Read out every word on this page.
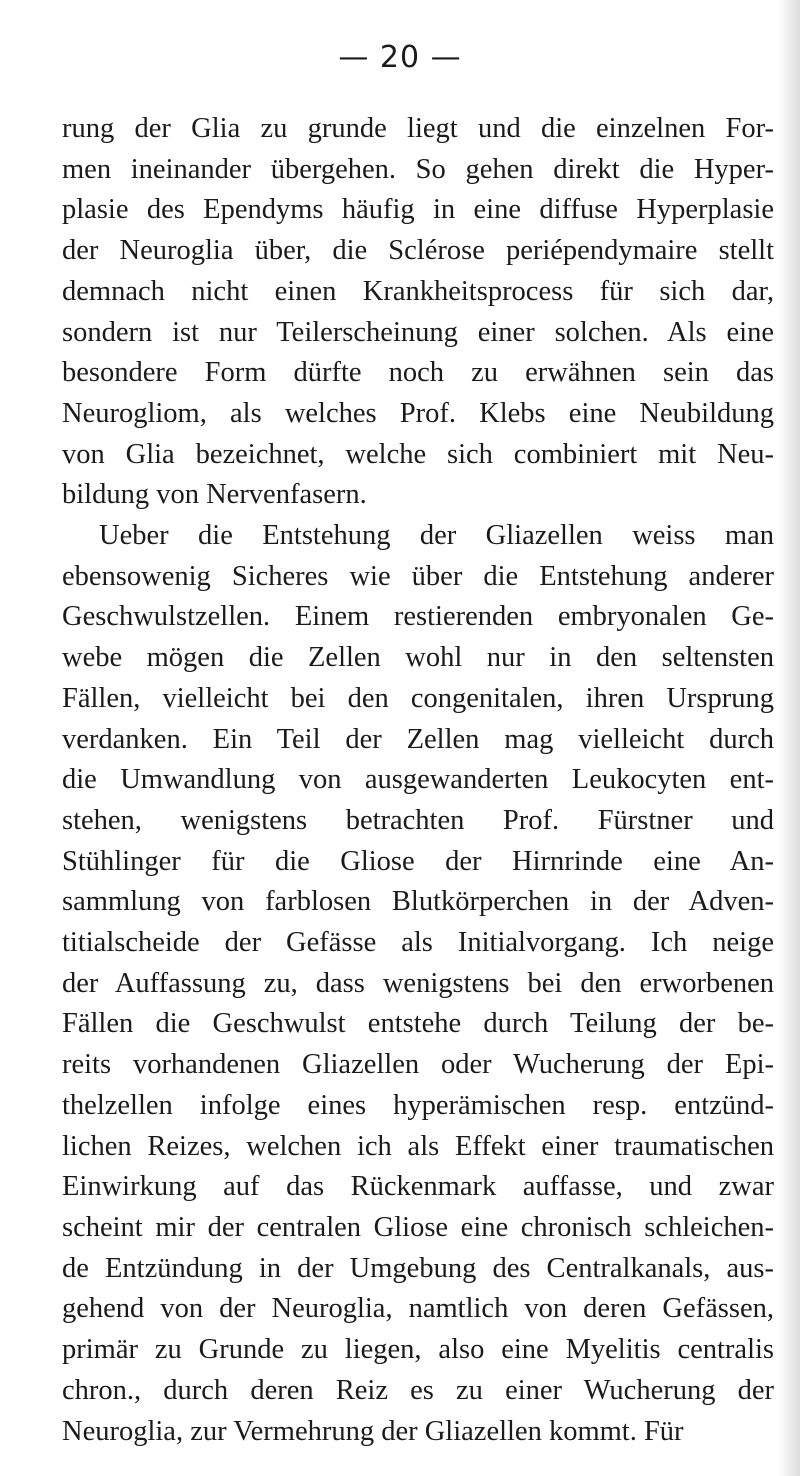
— 20 —
rung der Glia zu grunde liegt und die einzelnen For-
men ineinander übergehen. So gehen direkt die Hyper-
plasie des Ependyms häufig in eine diffuse Hyperplasie
der Neuroglia über, die Sclérose periépendymaire stellt
demnach nicht einen Krankheitsprocess für sich dar,
sondern ist nur Teilerscheinung einer solchen. Als eine
besondere Form dürfte noch zu erwähnen sein das
Neurogliom, als welches Prof. Klebs eine Neubildung
von Glia bezeichnet, welche sich combiniert mit Neu-
bildung von Nervenfasern.
Ueber die Entstehung der Gliazellen weiss man
ebensowenig Sicheres wie über die Entstehung anderer
Geschwulstzellen. Einem restierenden embryonalen Ge-
webe mögen die Zellen wohl nur in den seltensten
Fällen, vielleicht bei den congenitalen, ihren Ursprung
verdanken. Ein Teil der Zellen mag vielleicht durch
die Umwandlung von ausgewanderten Leukocyten ent-
stehen, wenigstens betrachten Prof. Fürstner und
Stühlinger für die Gliose der Hirnrinde eine An-
sammlung von farblosen Blutkörperchen in der Adven-
titialscheide der Gefässe als Initialvorgang. Ich neige
der Auffassung zu, dass wenigstens bei den erworbenen
Fällen die Geschwulst entstehe durch Teilung der be-
reits vorhandenen Gliazellen oder Wucherung der Epi-
thelzellen infolge eines hyperämischen resp. entzünd-
lichen Reizes, welchen ich als Effekt einer traumatischen
Einwirkung auf das Rückenmark auffasse, und zwar
scheint mir der centralen Gliose eine chronisch schleichen-
de Entzündung in der Umgebung des Centralkanals, aus-
gehend von der Neuroglia, namtlich von deren Gefässen,
primär zu Grunde zu liegen, also eine Myelitis centralis
chron., durch deren Reiz es zu einer Wucherung der
Neuroglia, zur Vermehrung der Gliazellen kommt. Für
